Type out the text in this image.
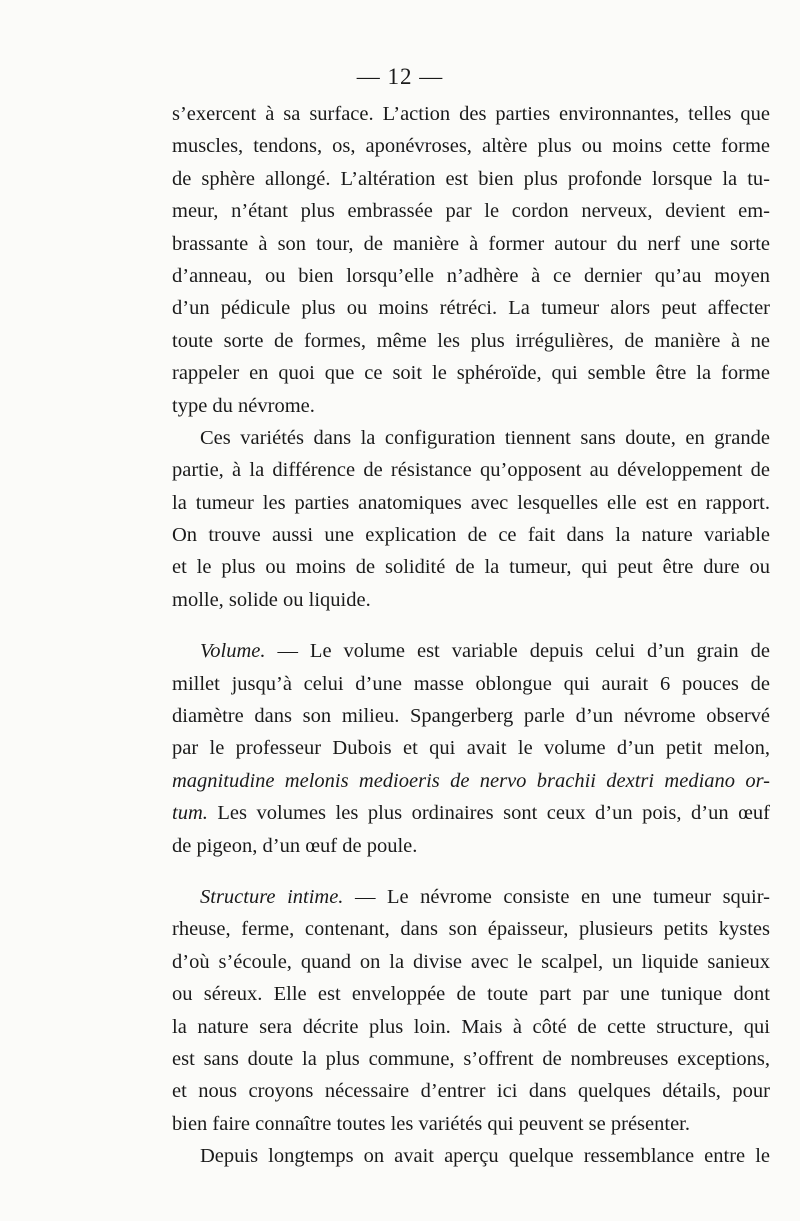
— 12 —
s’exercent à sa surface. L’action des parties environnantes, telles que
muscles, tendons, os, aponévroses, altère plus ou moins cette forme
de sphère allongé. L’altération est bien plus profonde lorsque la tu-
meur, n’étant plus embrassée par le cordon nerveux, devient em-
brassante à son tour, de manière à former autour du nerf une sorte
d’anneau, ou bien lorsqu’elle n’adhère à ce dernier qu’au moyen
d’un pédicule plus ou moins rétréci. La tumeur alors peut affecter
toute sorte de formes, même les plus irrégulières, de manière à ne
rappeler en quoi que ce soit le sphéroïde, qui semble être la forme
type du névrome.
Ces variétés dans la configuration tiennent sans doute, en grande
partie, à la différence de résistance qu’opposent au développement de
la tumeur les parties anatomiques avec lesquelles elle est en rapport.
On trouve aussi une explication de ce fait dans la nature variable
et le plus ou moins de solidité de la tumeur, qui peut être dure ou
molle, solide ou liquide.
Volume. — Le volume est variable depuis celui d’un grain de
millet jusqu’à celui d’une masse oblongue qui aurait 6 pouces de
diamètre dans son milieu. Spangerberg parle d’un névrome observé
par le professeur Dubois et qui avait le volume d’un petit melon,
magnitudine melonis medioeris de nervo brachii dextri mediano or-
tum. Les volumes les plus ordinaires sont ceux d’un pois, d’un œuf
de pigeon, d’un œuf de poule.
Structure intime. — Le névrome consiste en une tumeur squir-
rheuse, ferme, contenant, dans son épaisseur, plusieurs petits kystes
d’où s’écoule, quand on la divise avec le scalpel, un liquide sanieux
ou séreux. Elle est enveloppée de toute part par une tunique dont
la nature sera décrite plus loin. Mais à côté de cette structure, qui
est sans doute la plus commune, s’offrent de nombreuses exceptions,
et nous croyons nécessaire d’entrer ici dans quelques détails, pour
bien faire connaître toutes les variétés qui peuvent se présenter.
Depuis longtemps on avait aperçu quelque ressemblance entre le
